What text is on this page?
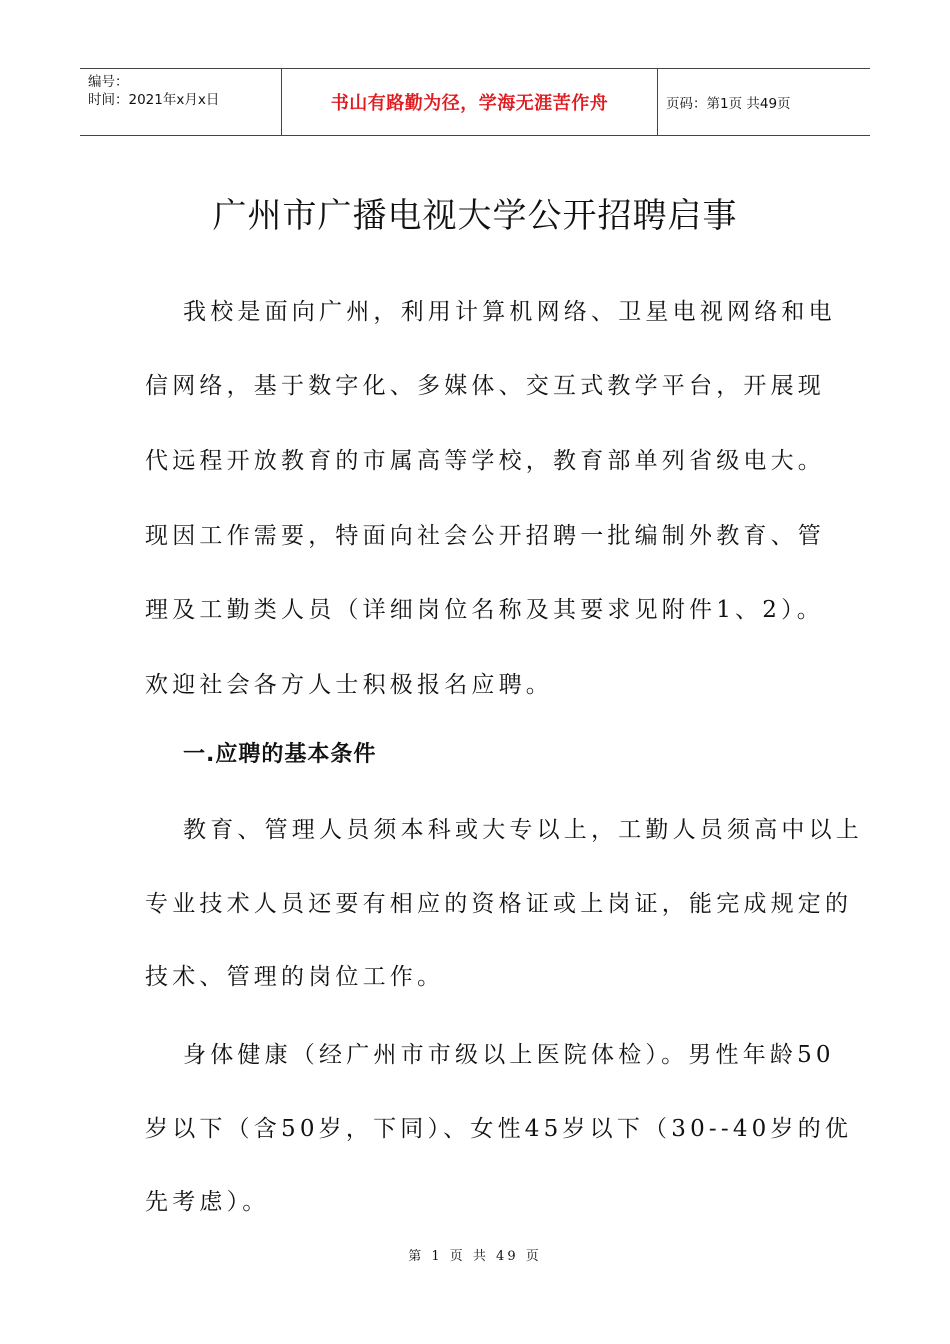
编号：
时间：2021年x月x日	书山有路勤为径，学海无涯苦作舟	页码：第1页 共49页
广州市广播电视大学公开招聘启事

我校是面向广州，利用计算机网络、卫星电视网络和电

信网络，基于数字化、多媒体、交互式教学平台，开展现

代远程开放教育的市属高等学校，教育部单列省级电大。

现因工作需要，特面向社会公开招聘一批编制外教育、管

理及工勤类人员（详细岗位名称及其要求见附件1、2）。

欢迎社会各方人士积极报名应聘。

一.应聘的基本条件

教育、管理人员须本科或大专以上，工勤人员须高中以上

专业技术人员还要有相应的资格证或上岗证，能完成规定的

技术、管理的岗位工作。

身体健康（经广州市市级以上医院体检）。男性年龄50

岁以下（含50岁，下同）、女性45岁以下（30--40岁的优

先考虑）。

第 1 页 共 49 页
